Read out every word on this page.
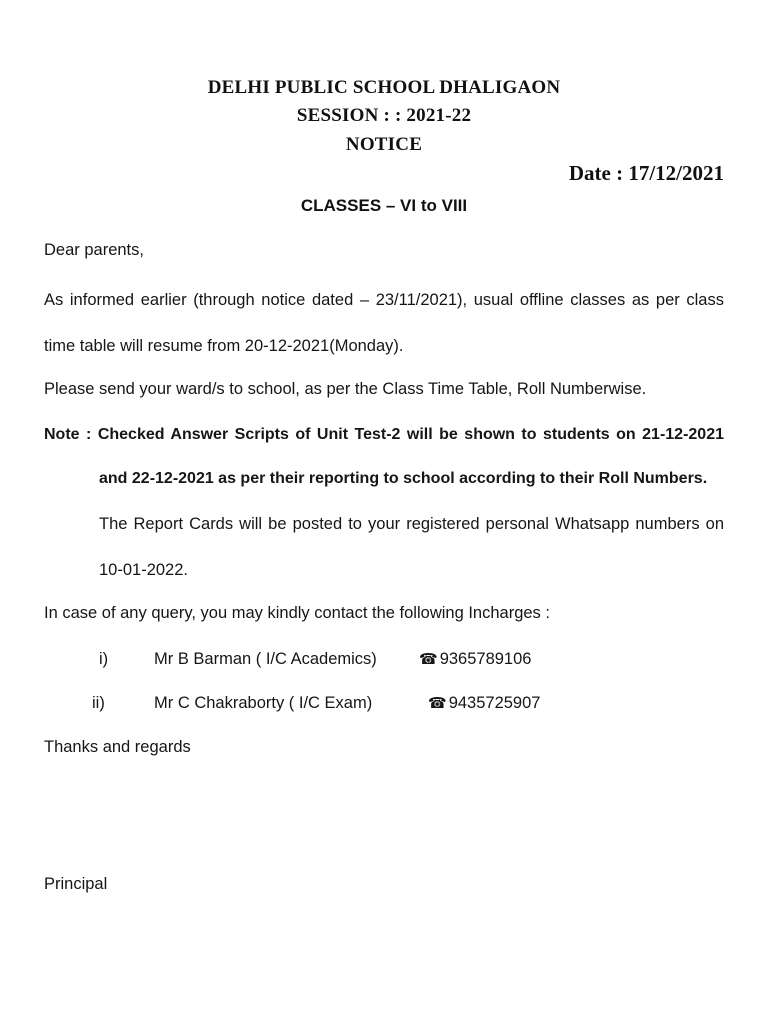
DELHI PUBLIC SCHOOL DHALIGAON
SESSION : : 2021-22
NOTICE
Date : 17/12/2021
CLASSES – VI to VIII
Dear parents,
As informed earlier (through notice dated – 23/11/2021), usual offline classes as per class
time table will resume from 20-12-2021(Monday).
Please send your ward/s to school, as per the Class Time Table, Roll Numberwise.
Note : Checked Answer Scripts of Unit Test-2 will be shown to students on 21-12-2021
and 22-12-2021 as per their reporting to school according to their Roll Numbers.
The Report Cards will be posted to your registered personal Whatsapp numbers on
10-01-2022.
In case of any query, you may kindly contact the following Incharges :
i)	Mr B Barman ( I/C Academics)	☎ 9365789106
ii)	Mr C Chakraborty ( I/C Exam)	☎ 9435725907
Thanks and regards
Principal
